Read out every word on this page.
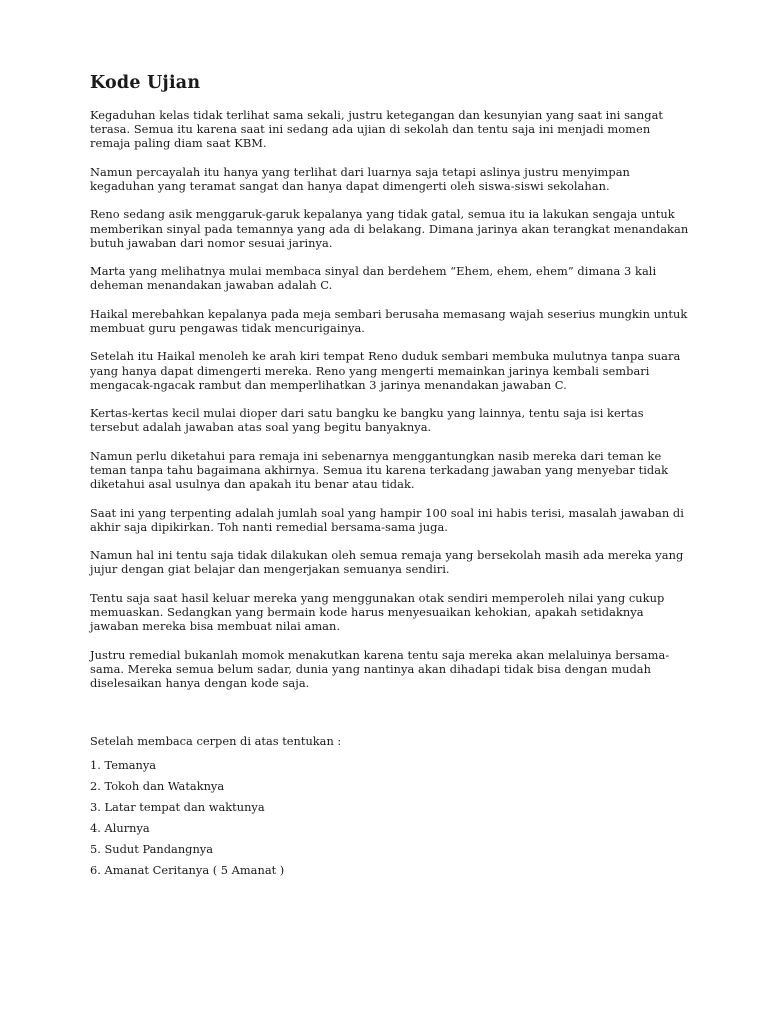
Kode Ujian

Kegaduhan kelas tidak terlihat sama sekali, justru ketegangan dan kesunyian yang saat ini sangat terasa. Semua itu karena saat ini sedang ada ujian di sekolah dan tentu saja ini menjadi momen remaja paling diam saat KBM.

Namun percayalah itu hanya yang terlihat dari luarnya saja tetapi aslinya justru menyimpan kegaduhan yang teramat sangat dan hanya dapat dimengerti oleh siswa-siswi sekolahan.

Reno sedang asik menggaruk-garuk kepalanya yang tidak gatal, semua itu ia lakukan sengaja untuk memberikan sinyal pada temannya yang ada di belakang. Dimana jarinya akan terangkat menandakan butuh jawaban dari nomor sesuai jarinya.

Marta yang melihatnya mulai membaca sinyal dan berdehem “Ehem, ehem, ehem” dimana 3 kali deheman menandakan jawaban adalah C.

Haikal merebahkan kepalanya pada meja sembari berusaha memasang wajah seserius mungkin untuk membuat guru pengawas tidak mencurigainya.

Setelah itu Haikal menoleh ke arah kiri tempat Reno duduk sembari membuka mulutnya tanpa suara yang hanya dapat dimengerti mereka. Reno yang mengerti memainkan jarinya kembali sembari mengacak-ngacak rambut dan memperlihatkan 3 jarinya menandakan jawaban C.

Kertas-kertas kecil mulai dioper dari satu bangku ke bangku yang lainnya, tentu saja isi kertas tersebut adalah jawaban atas soal yang begitu banyaknya.

Namun perlu diketahui para remaja ini sebenarnya menggantungkan nasib mereka dari teman ke teman tanpa tahu bagaimana akhirnya. Semua itu karena terkadang jawaban yang menyebar tidak diketahui asal usulnya dan apakah itu benar atau tidak.

Saat ini yang terpenting adalah jumlah soal yang hampir 100 soal ini habis terisi, masalah jawaban di akhir saja dipikirkan. Toh nanti remedial bersama-sama juga.

Namun hal ini tentu saja tidak dilakukan oleh semua remaja yang bersekolah masih ada mereka yang jujur dengan giat belajar dan mengerjakan semuanya sendiri.

Tentu saja saat hasil keluar mereka yang menggunakan otak sendiri memperoleh nilai yang cukup memuaskan. Sedangkan yang bermain kode harus menyesuaikan kehokian, apakah setidaknya jawaban mereka bisa membuat nilai aman.

Justru remedial bukanlah momok menakutkan karena tentu saja mereka akan melaluinya bersama-sama. Mereka semua belum sadar, dunia yang nantinya akan dihadapi tidak bisa dengan mudah diselesaikan hanya dengan kode saja.

Setelah membaca cerpen di atas tentukan :

1. Temanya
2. Tokoh dan Wataknya
3. Latar tempat dan waktunya
4. Alurnya
5. Sudut Pandangnya
6. Amanat Ceritanya ( 5 Amanat )
